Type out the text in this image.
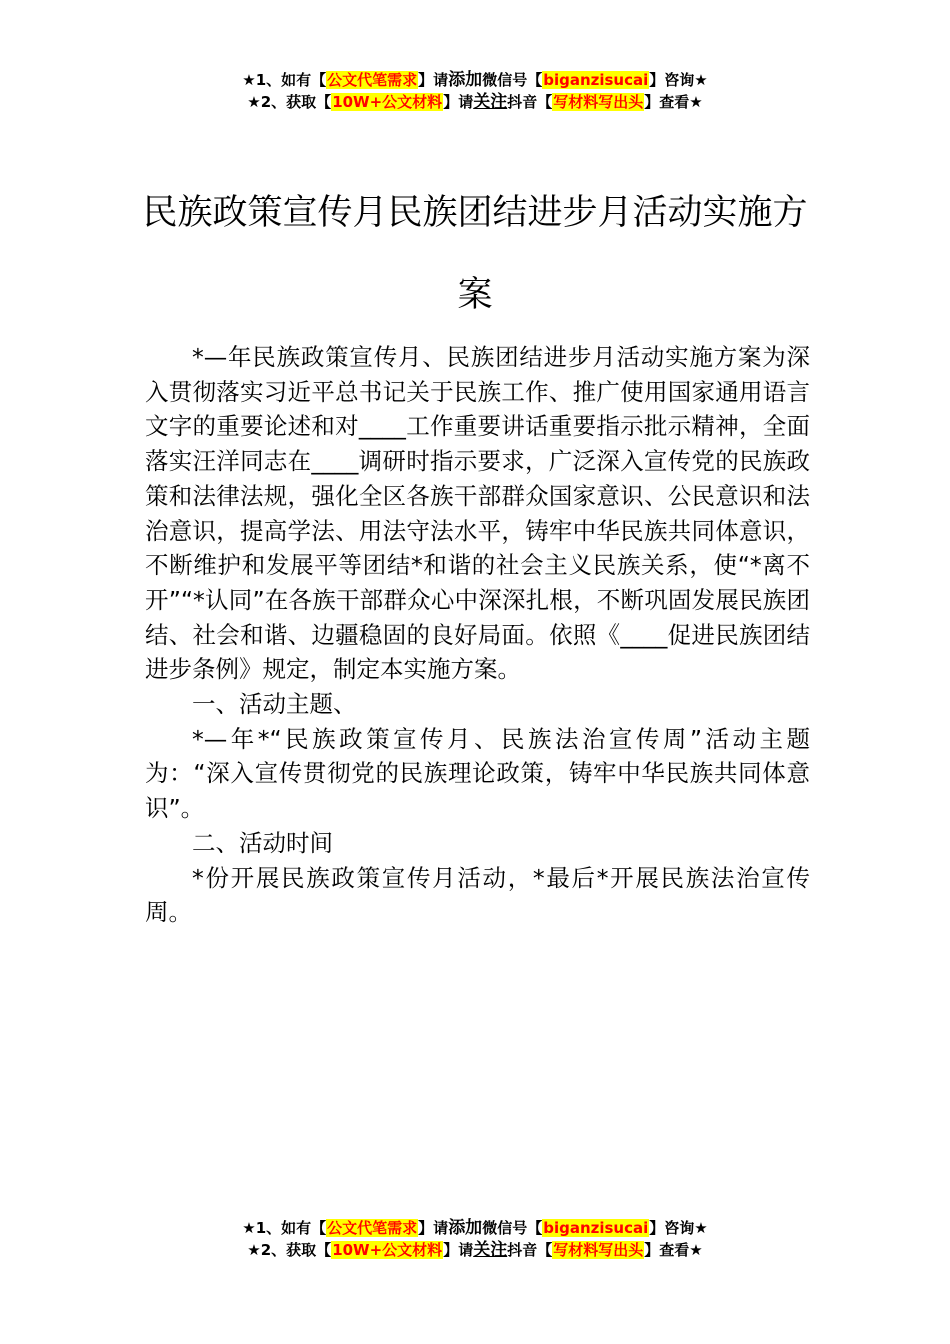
★1、如有【公文代笔需求】请添加微信号【biganzisucai】咨询★
★2、获取【10W+公文材料】请关注抖音【写材料写出头】查看★
民族政策宣传月民族团结进步月活动实施方案

*—年民族政策宣传月、民族团结进步月活动实施方案为深入贯彻落实习近平总书记关于民族工作、推广使用国家通用语言文字的重要论述和对____工作重要讲话重要指示批示精神，全面落实汪洋同志在____调研时指示要求，广泛深入宣传党的民族政策和法律法规，强化全区各族干部群众国家意识、公民意识和法治意识，提高学法、用法守法水平，铸牢中华民族共同体意识，不断维护和发展平等团结*和谐的社会主义民族关系，使“*离不开”“*认同”在各族干部群众心中深深扎根，不断巩固发展民族团结、社会和谐、边疆稳固的良好局面。依照《____促进民族团结进步条例》规定，制定本实施方案。

一、活动主题、

*—年*“民族政策宣传月、民族法治宣传周”活动主题为：“深入宣传贯彻党的民族理论政策，铸牢中华民族共同体意识”。

二、活动时间

*份开展民族政策宣传月活动，*最后*开展民族法治宣传周。

★1、如有【公文代笔需求】请添加微信号【biganzisucai】咨询★
★2、获取【10W+公文材料】请关注抖音【写材料写出头】查看★
